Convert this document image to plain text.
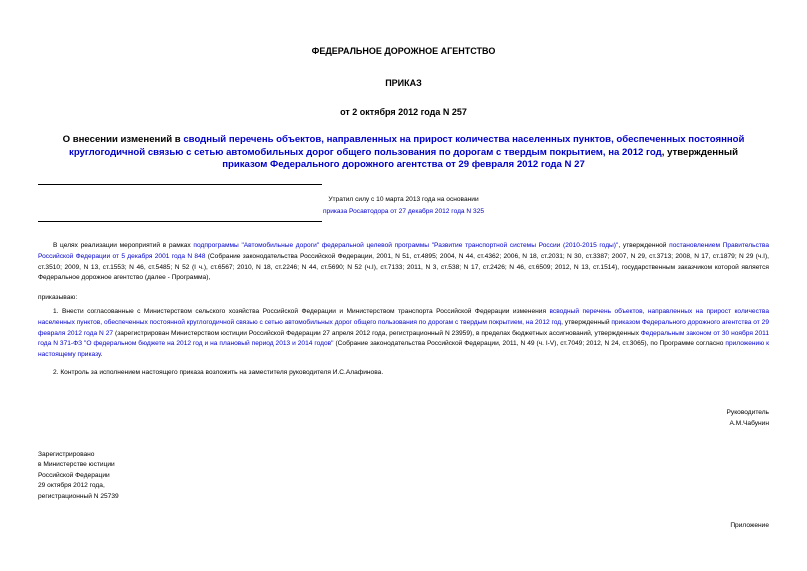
ФЕДЕРАЛЬНОЕ ДОРОЖНОЕ АГЕНТСТВО
ПРИКАЗ
от 2 октября 2012 года N 257
О внесении изменений в сводный перечень объектов, направленных на прирост количества населенных пунктов, обеспеченных постоянной круглогодичной связью с сетью автомобильных дорог общего пользования по дорогам с твердым покрытием, на 2012 год, утвержденный приказом Федерального дорожного агентства от 29 февраля 2012 года N 27
Утратил силу с 10 марта 2013 года на основании
приказа Росавтодора от 27 декабря 2012 года N 325
В целях реализации мероприятий в рамках подпрограммы "Автомобильные дороги" федеральной целевой программы "Развитие транспортной системы России (2010-2015 годы)", утвержденной постановлением Правительства Российской Федерации от 5 декабря 2001 года N 848 (Собрание законодательства Российской Федерации, 2001, N 51, ст.4895; 2004, N 44, ст.4362; 2006, N 18, ст.2031; N 30, ст.3387; 2007, N 29, ст.3713; 2008, N 17, ст.1879; N 29 (ч.I), ст.3510; 2009, N 13, ст.1553; N 46, ст.5485; N 52 (I ч.), ст.6567; 2010, N 18, ст.2246; N 44, ст.5690; N 52 (ч.I), ст.7133; 2011, N 3, ст.538; N 17, ст.2426; N 46, ст.6509; 2012, N 13, ст.1514), государственным заказчиком которой является Федеральное дорожное агентство (далее - Программа),
приказываю:
1. Внести согласованные с Министерством сельского хозяйства Российской Федерации и Министерством транспорта Российской Федерации изменения всводный перечень объектов, направленных на прирост количества населенных пунктов, обеспеченных постоянной круглогодичной связью с сетью автомобильных дорог общего пользования по дорогам с твердым покрытием, на 2012 год, утвержденный приказом Федерального дорожного агентства от 29 февраля 2012 года N 27 (зарегистрирован Министерством юстиции Российской Федерации 27 апреля 2012 года, регистрационный N 23959), в пределах бюджетных ассигнований, утвержденных Федеральным законом от 30 ноября 2011 года N 371-ФЗ "О федеральном бюджете на 2012 год и на плановый период 2013 и 2014 годов" (Собрание законодательства Российской Федерации, 2011, N 49 (ч. I-V), ст.7049; 2012, N 24, ст.3065), по Программе согласно приложению к настоящему приказу.
2. Контроль за исполнением настоящего приказа возложить на заместителя руководителя И.С.Алафинова.
Руководитель
А.М.Чабунин
Зарегистрировано
в Министерстве юстиции
Российской Федерации
29 октября 2012 года,
регистрационный N 25739
Приложение
